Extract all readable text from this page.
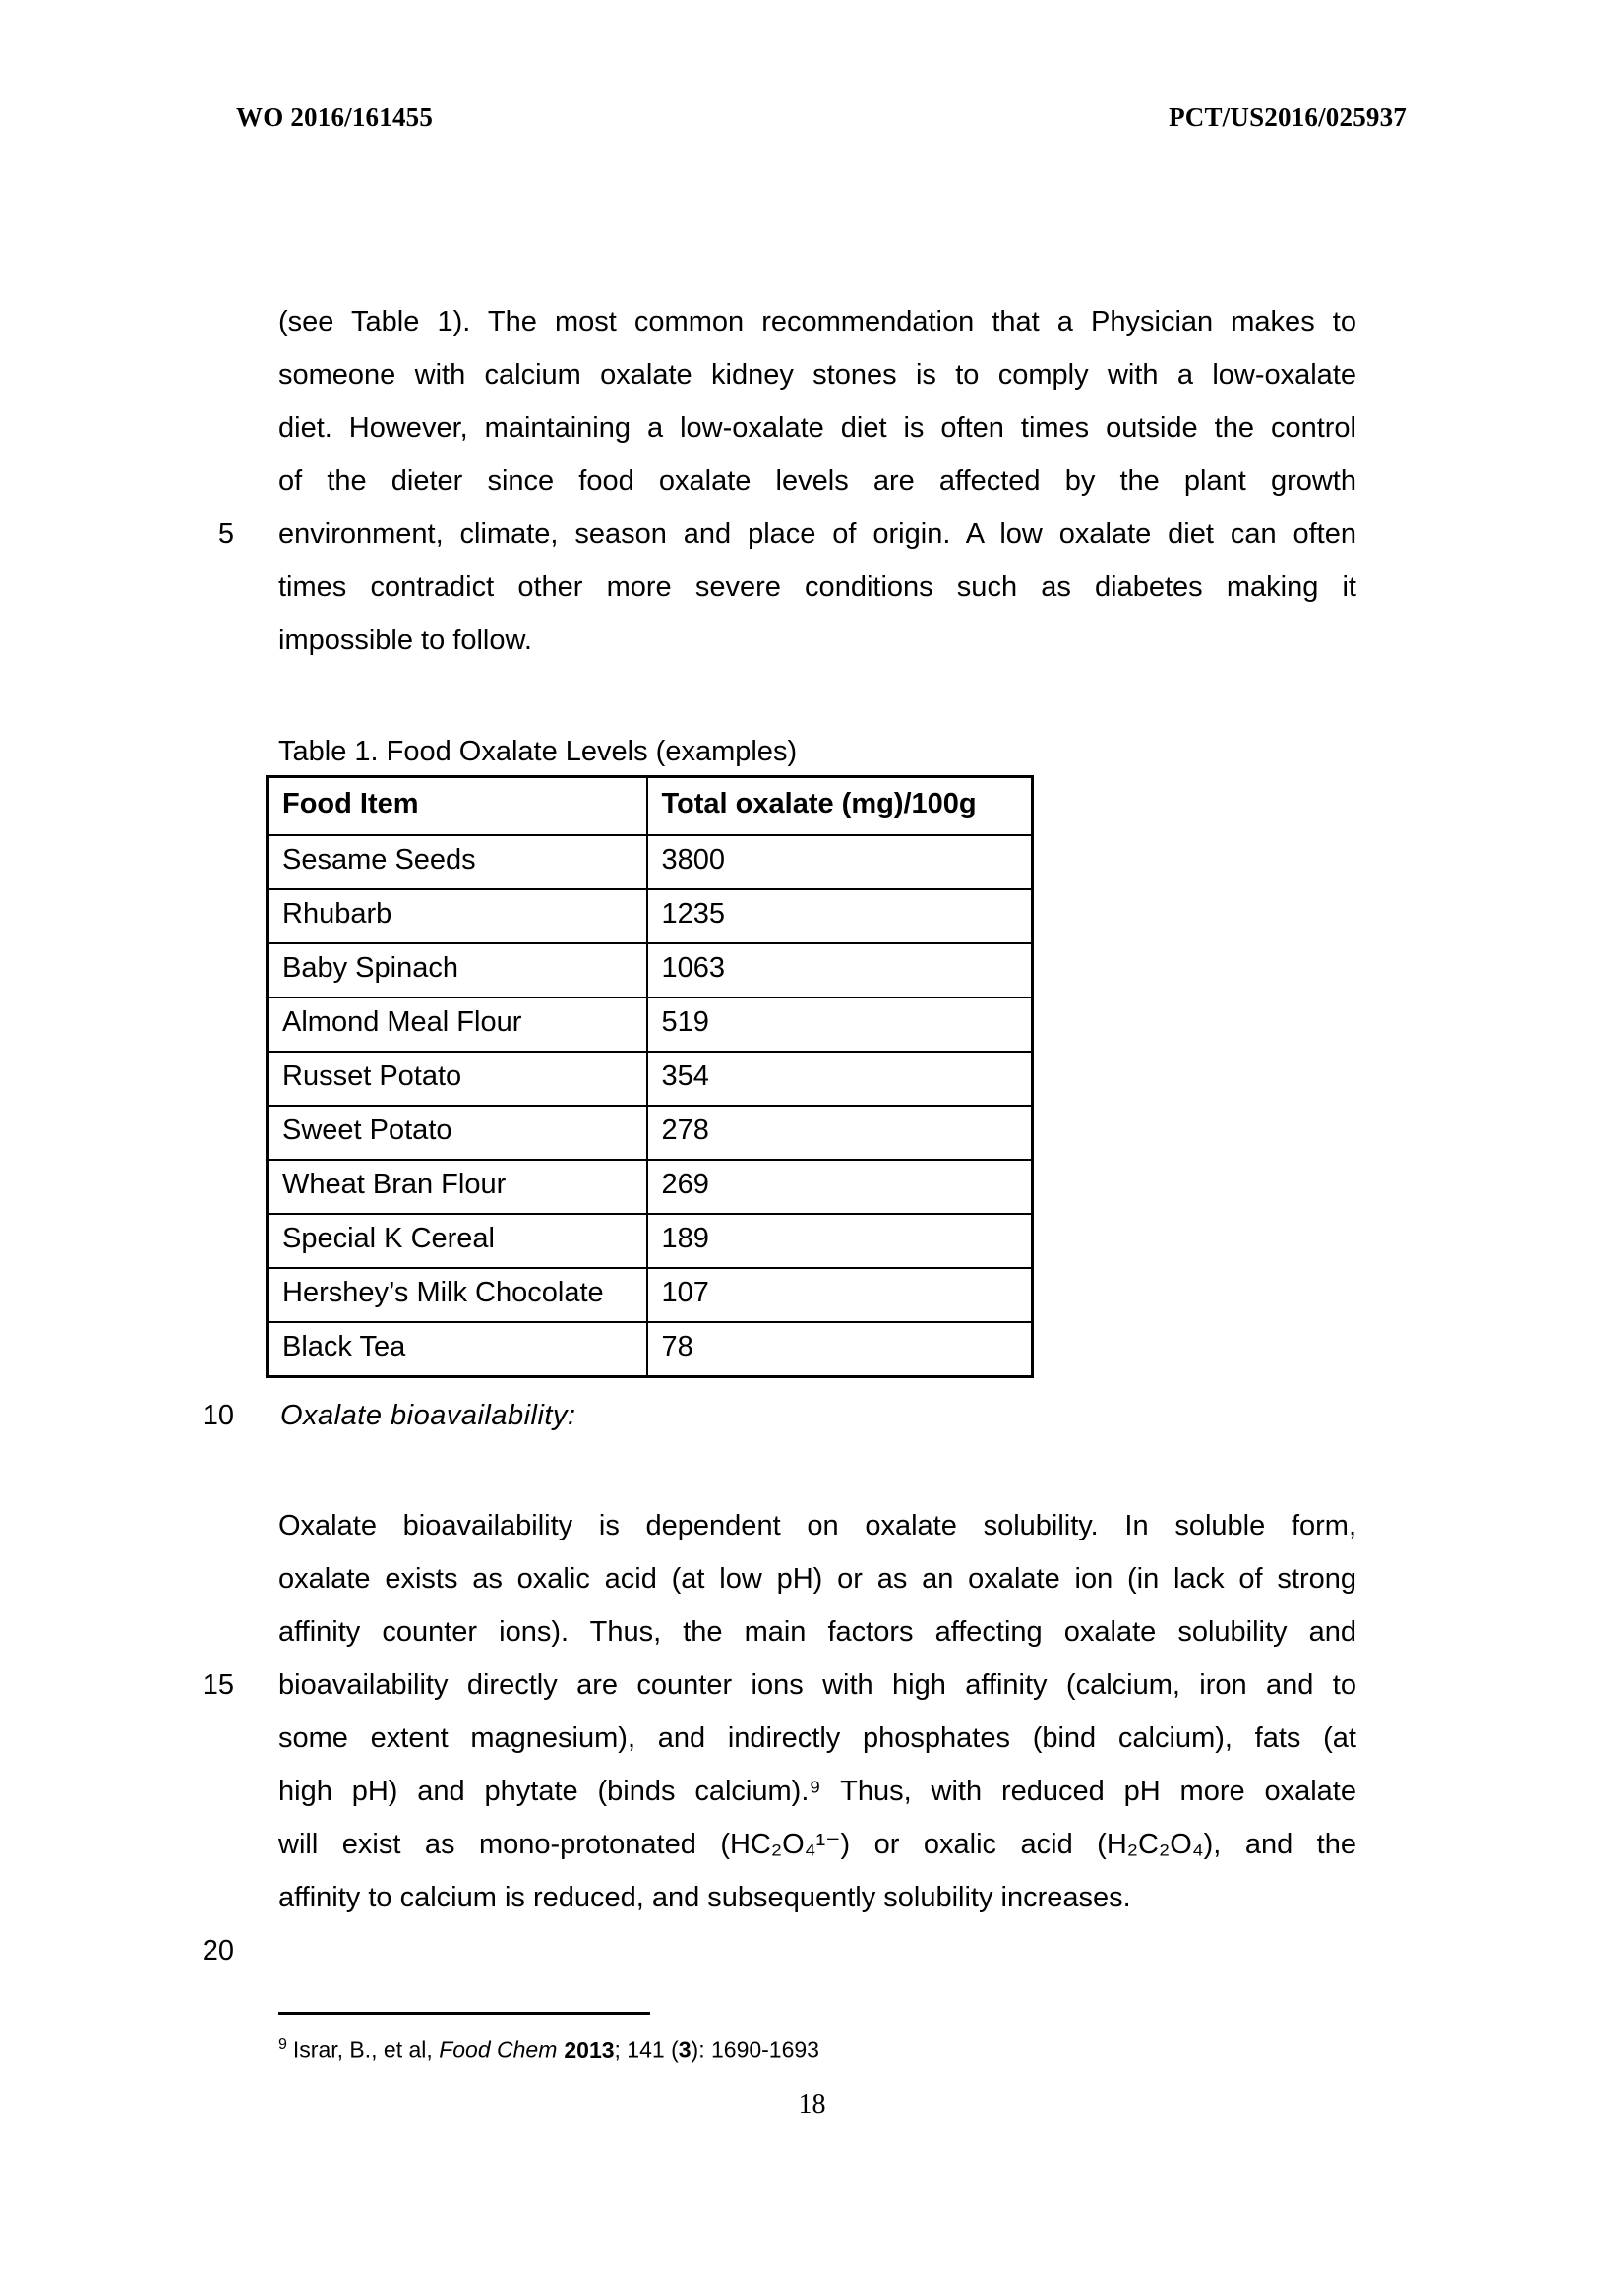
WO 2016/161455	PCT/US2016/025937
5
10
15
20
(see Table 1). The most common recommendation that a Physician makes to
someone with calcium oxalate kidney stones is to comply with a low-oxalate
diet. However, maintaining a low-oxalate diet is often times outside the control
of the dieter since food oxalate levels are affected by the plant growth
environment, climate, season and place of origin. A low oxalate diet can often
times contradict other more severe conditions such as diabetes making it
impossible to follow.
Table 1. Food Oxalate Levels (examples)
Food Item	Total oxalate (mg)/100g
Sesame Seeds	3800
Rhubarb	1235
Baby Spinach	1063
Almond Meal Flour	519
Russet Potato	354
Sweet Potato	278
Wheat Bran Flour	269
Special K Cereal	189
Hershey’s Milk Chocolate	107
Black Tea	78
Oxalate bioavailability:
Oxalate bioavailability is dependent on oxalate solubility. In soluble form,
oxalate exists as oxalic acid (at low pH) or as an oxalate ion (in lack of strong
affinity counter ions). Thus, the main factors affecting oxalate solubility and
bioavailability directly are counter ions with high affinity (calcium, iron and to
some extent magnesium), and indirectly phosphates (bind calcium), fats (at
high pH) and phytate (binds calcium).⁹ Thus, with reduced pH more oxalate
will exist as mono-protonated (HC₂O₄¹⁻) or oxalic acid (H₂C₂O₄), and the
affinity to calcium is reduced, and subsequently solubility increases.
$^9$ Israr, B., et al, Food Chem 2013; 141 (3): 1690-1693
18
